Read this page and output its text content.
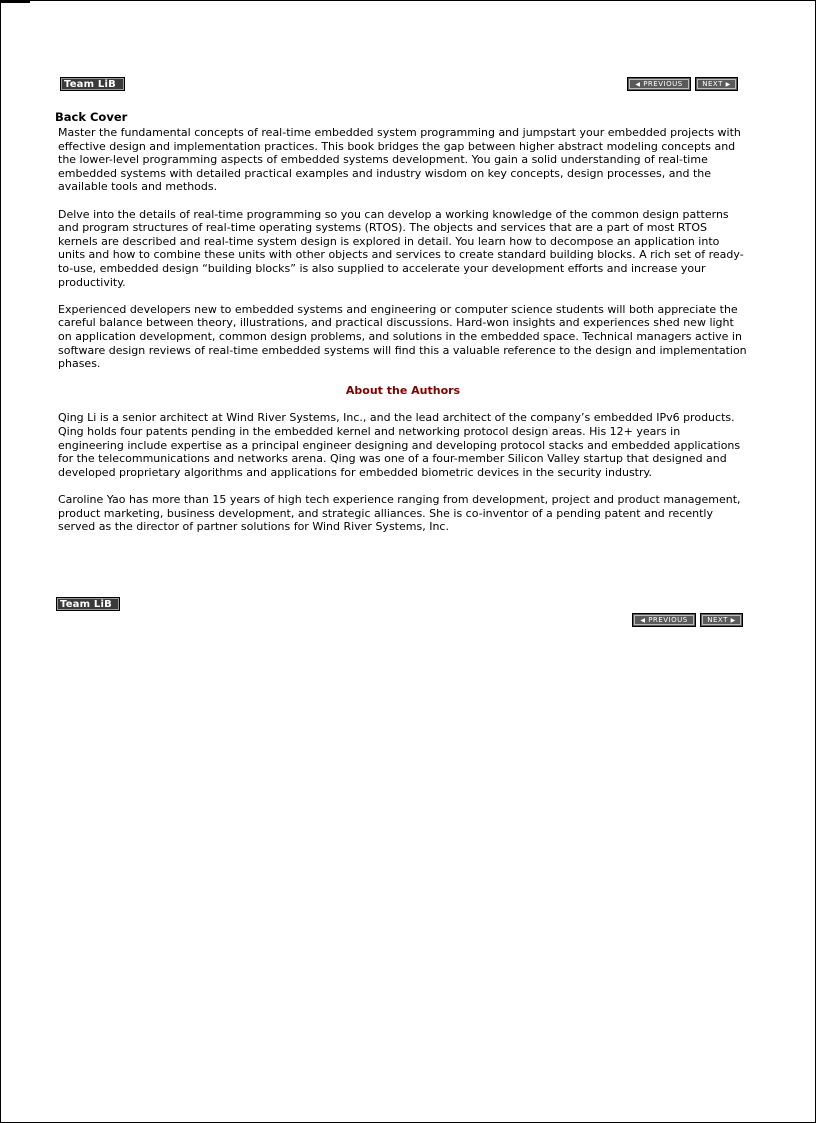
Team LiB	◀ PREVIOUS	NEXT ▶
Back Cover

Master the fundamental concepts of real-time embedded system programming and jumpstart your embedded projects with effective design and implementation practices. This book bridges the gap between higher abstract modeling concepts and the lower-level programming aspects of embedded systems development. You gain a solid understanding of real-time embedded systems with detailed practical examples and industry wisdom on key concepts, design processes, and the available tools and methods.

Delve into the details of real-time programming so you can develop a working knowledge of the common design patterns and program structures of real-time operating systems (RTOS). The objects and services that are a part of most RTOS kernels are described and real-time system design is explored in detail. You learn how to decompose an application into units and how to combine these units with other objects and services to create standard building blocks. A rich set of ready-to-use, embedded design “building blocks” is also supplied to accelerate your development efforts and increase your productivity.

Experienced developers new to embedded systems and engineering or computer science students will both appreciate the careful balance between theory, illustrations, and practical discussions. Hard-won insights and experiences shed new light on application development, common design problems, and solutions in the embedded space. Technical managers active in software design reviews of real-time embedded systems will find this a valuable reference to the design and implementation phases.

About the Authors

Qing Li is a senior architect at Wind River Systems, Inc., and the lead architect of the company’s embedded IPv6 products. Qing holds four patents pending in the embedded kernel and networking protocol design areas. His 12+ years in engineering include expertise as a principal engineer designing and developing protocol stacks and embedded applications for the telecommunications and networks arena. Qing was one of a four-member Silicon Valley startup that designed and developed proprietary algorithms and applications for embedded biometric devices in the security industry.

Caroline Yao has more than 15 years of high tech experience ranging from development, project and product management, product marketing, business development, and strategic alliances. She is co-inventor of a pending patent and recently served as the director of partner solutions for Wind River Systems, Inc.

Team LiB
◀ PREVIOUS	NEXT ▶
